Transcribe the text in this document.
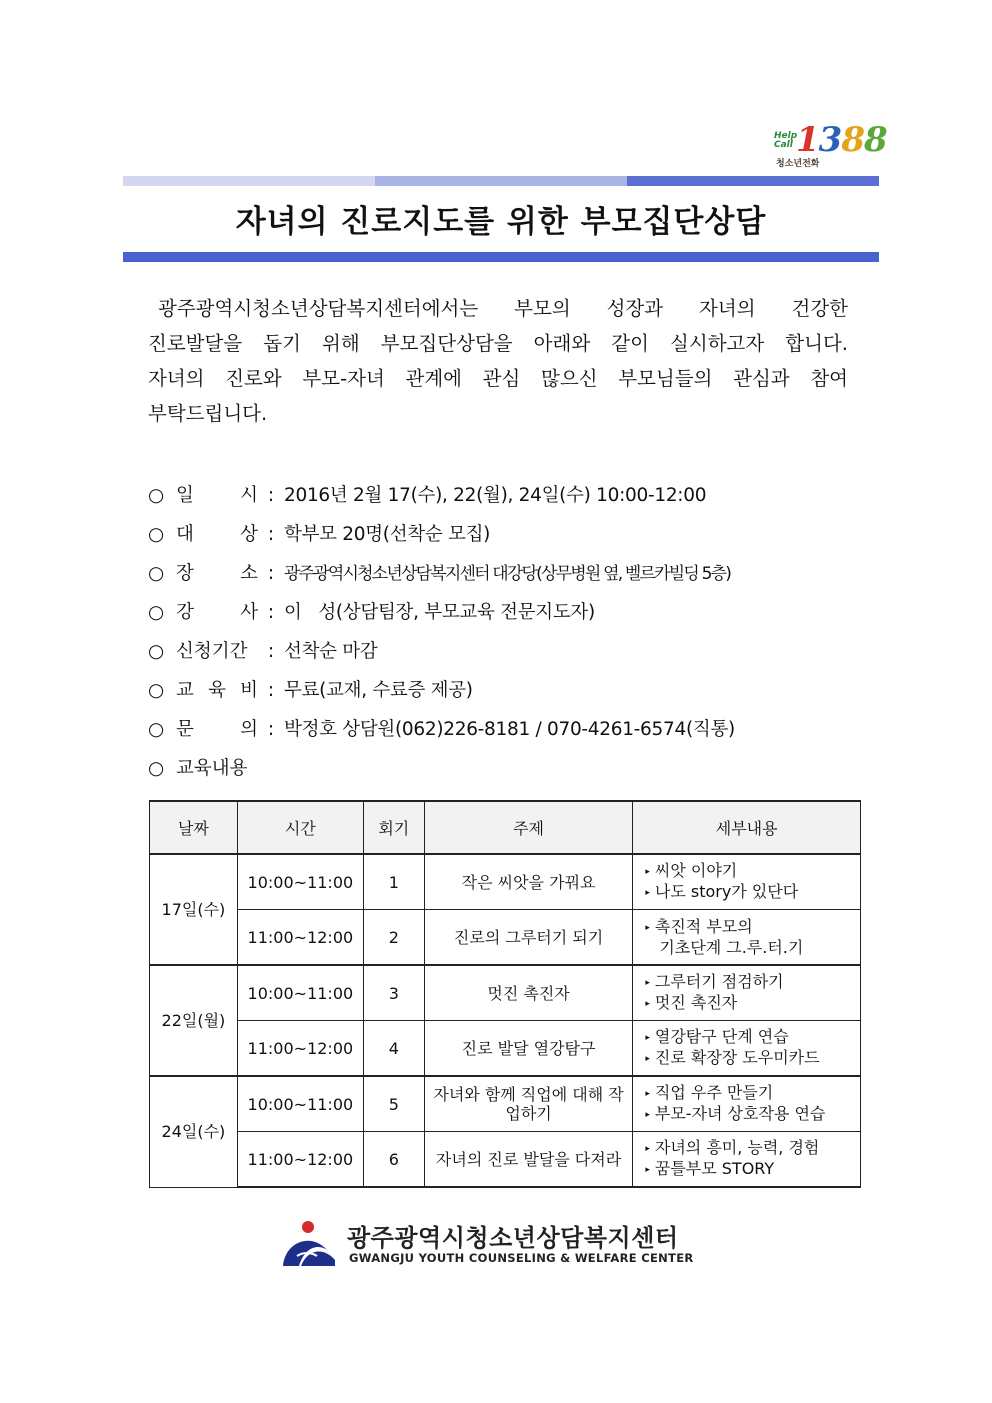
Help Call 1388
청소년전화
자녀의 진로지도를 위한 부모집단상담
광주광역시청소년상담복지센터에서는 부모의 성장과 자녀의 건강한
진로발달을 돕기 위해 부모집단상담을 아래와 같이 실시하고자 합니다.
자녀의 진로와 부모-자녀 관계에 관심 많으신 부모님들의 관심과 참여
부탁드립니다.
○ 일	시 : 2016년 2월 17(수), 22(월), 24일(수) 10:00-12:00
○ 대	상 : 학부모 20명(선착순 모집)
○ 장	소 : 광주광역시청소년상담복지센터 대강당(상무병원 옆, 벨르카빌딩 5층)
○ 강	사 : 이   성(상담팀장, 부모교육 전문지도자)
○ 신청기간	: 선착순 마감
○ 교 육 비 : 무료(교재, 수료증 제공)
○ 문	의 : 박정호 상담원(062)226-8181 / 070-4261-6574(직통)
○ 교육내용
날짜	시간	회기	주제	세부내용
17일(수)	10:00~11:00	1	작은 씨앗을 가꿔요	▸ 씨앗 이야기
▸ 나도 story가 있단다

	11:00~12:00	2	진로의 그루터기 되기	▸ 촉진적 부모의
기초단계 그.루.터.기

22일(월)	10:00~11:00	3	멋진 촉진자	▸ 그루터기 점검하기
▸ 멋진 촉진자

	11:00~12:00	4	진로 발달 열강탐구	▸ 열강탐구 단계 연습
▸ 진로 확장장 도우미카드

24일(수)	10:00~11:00	5	자녀와 함께 직업에 대해 작업하기	▸ 직업 우주 만들기
▸ 부모-자녀 상호작용 연습

	11:00~12:00	6	자녀의 진로 발달을 다져라	▸ 자녀의 흥미, 능력, 경험
▸ 꿈틀부모 STORY
광주광역시청소년상담복지센터
GWANGJU YOUTH COUNSELING & WELFARE CENTER
